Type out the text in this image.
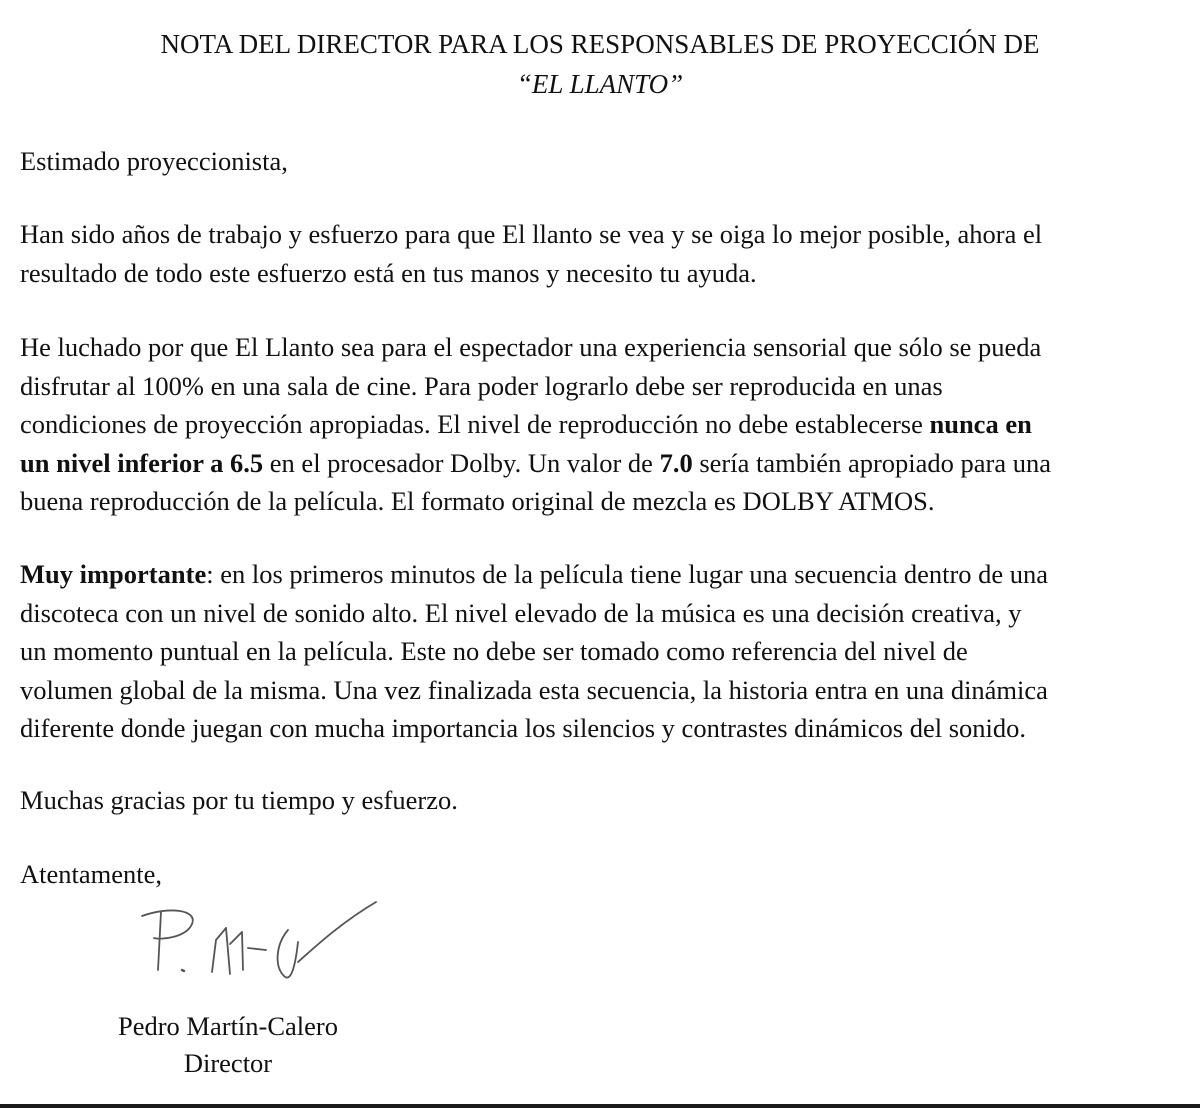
NOTA DEL DIRECTOR PARA LOS RESPONSABLES DE PROYECCIÓN DE
“EL LLANTO”

Estimado proyeccionista,

Han sido años de trabajo y esfuerzo para que El llanto se vea y se oiga lo mejor posible, ahora el
resultado de todo este esfuerzo está en tus manos y necesito tu ayuda.

He luchado por que El Llanto sea para el espectador una experiencia sensorial que sólo se pueda
disfrutar al 100% en una sala de cine. Para poder lograrlo debe ser reproducida en unas
condiciones de proyección apropiadas. El nivel de reproducción no debe establecerse nunca en
un nivel inferior a 6.5 en el procesador Dolby. Un valor de 7.0 sería también apropiado para una
buena reproducción de la película. El formato original de mezcla es DOLBY ATMOS.

Muy importante: en los primeros minutos de la película tiene lugar una secuencia dentro de una
discoteca con un nivel de sonido alto. El nivel elevado de la música es una decisión creativa, y
un momento puntual en la película. Este no debe ser tomado como referencia del nivel de
volumen global de la misma. Una vez finalizada esta secuencia, la historia entra en una dinámica
diferente donde juegan con mucha importancia los silencios y contrastes dinámicos del sonido.

Muchas gracias por tu tiempo y esfuerzo.

Atentamente,

Pedro Martín-Calero
Director
